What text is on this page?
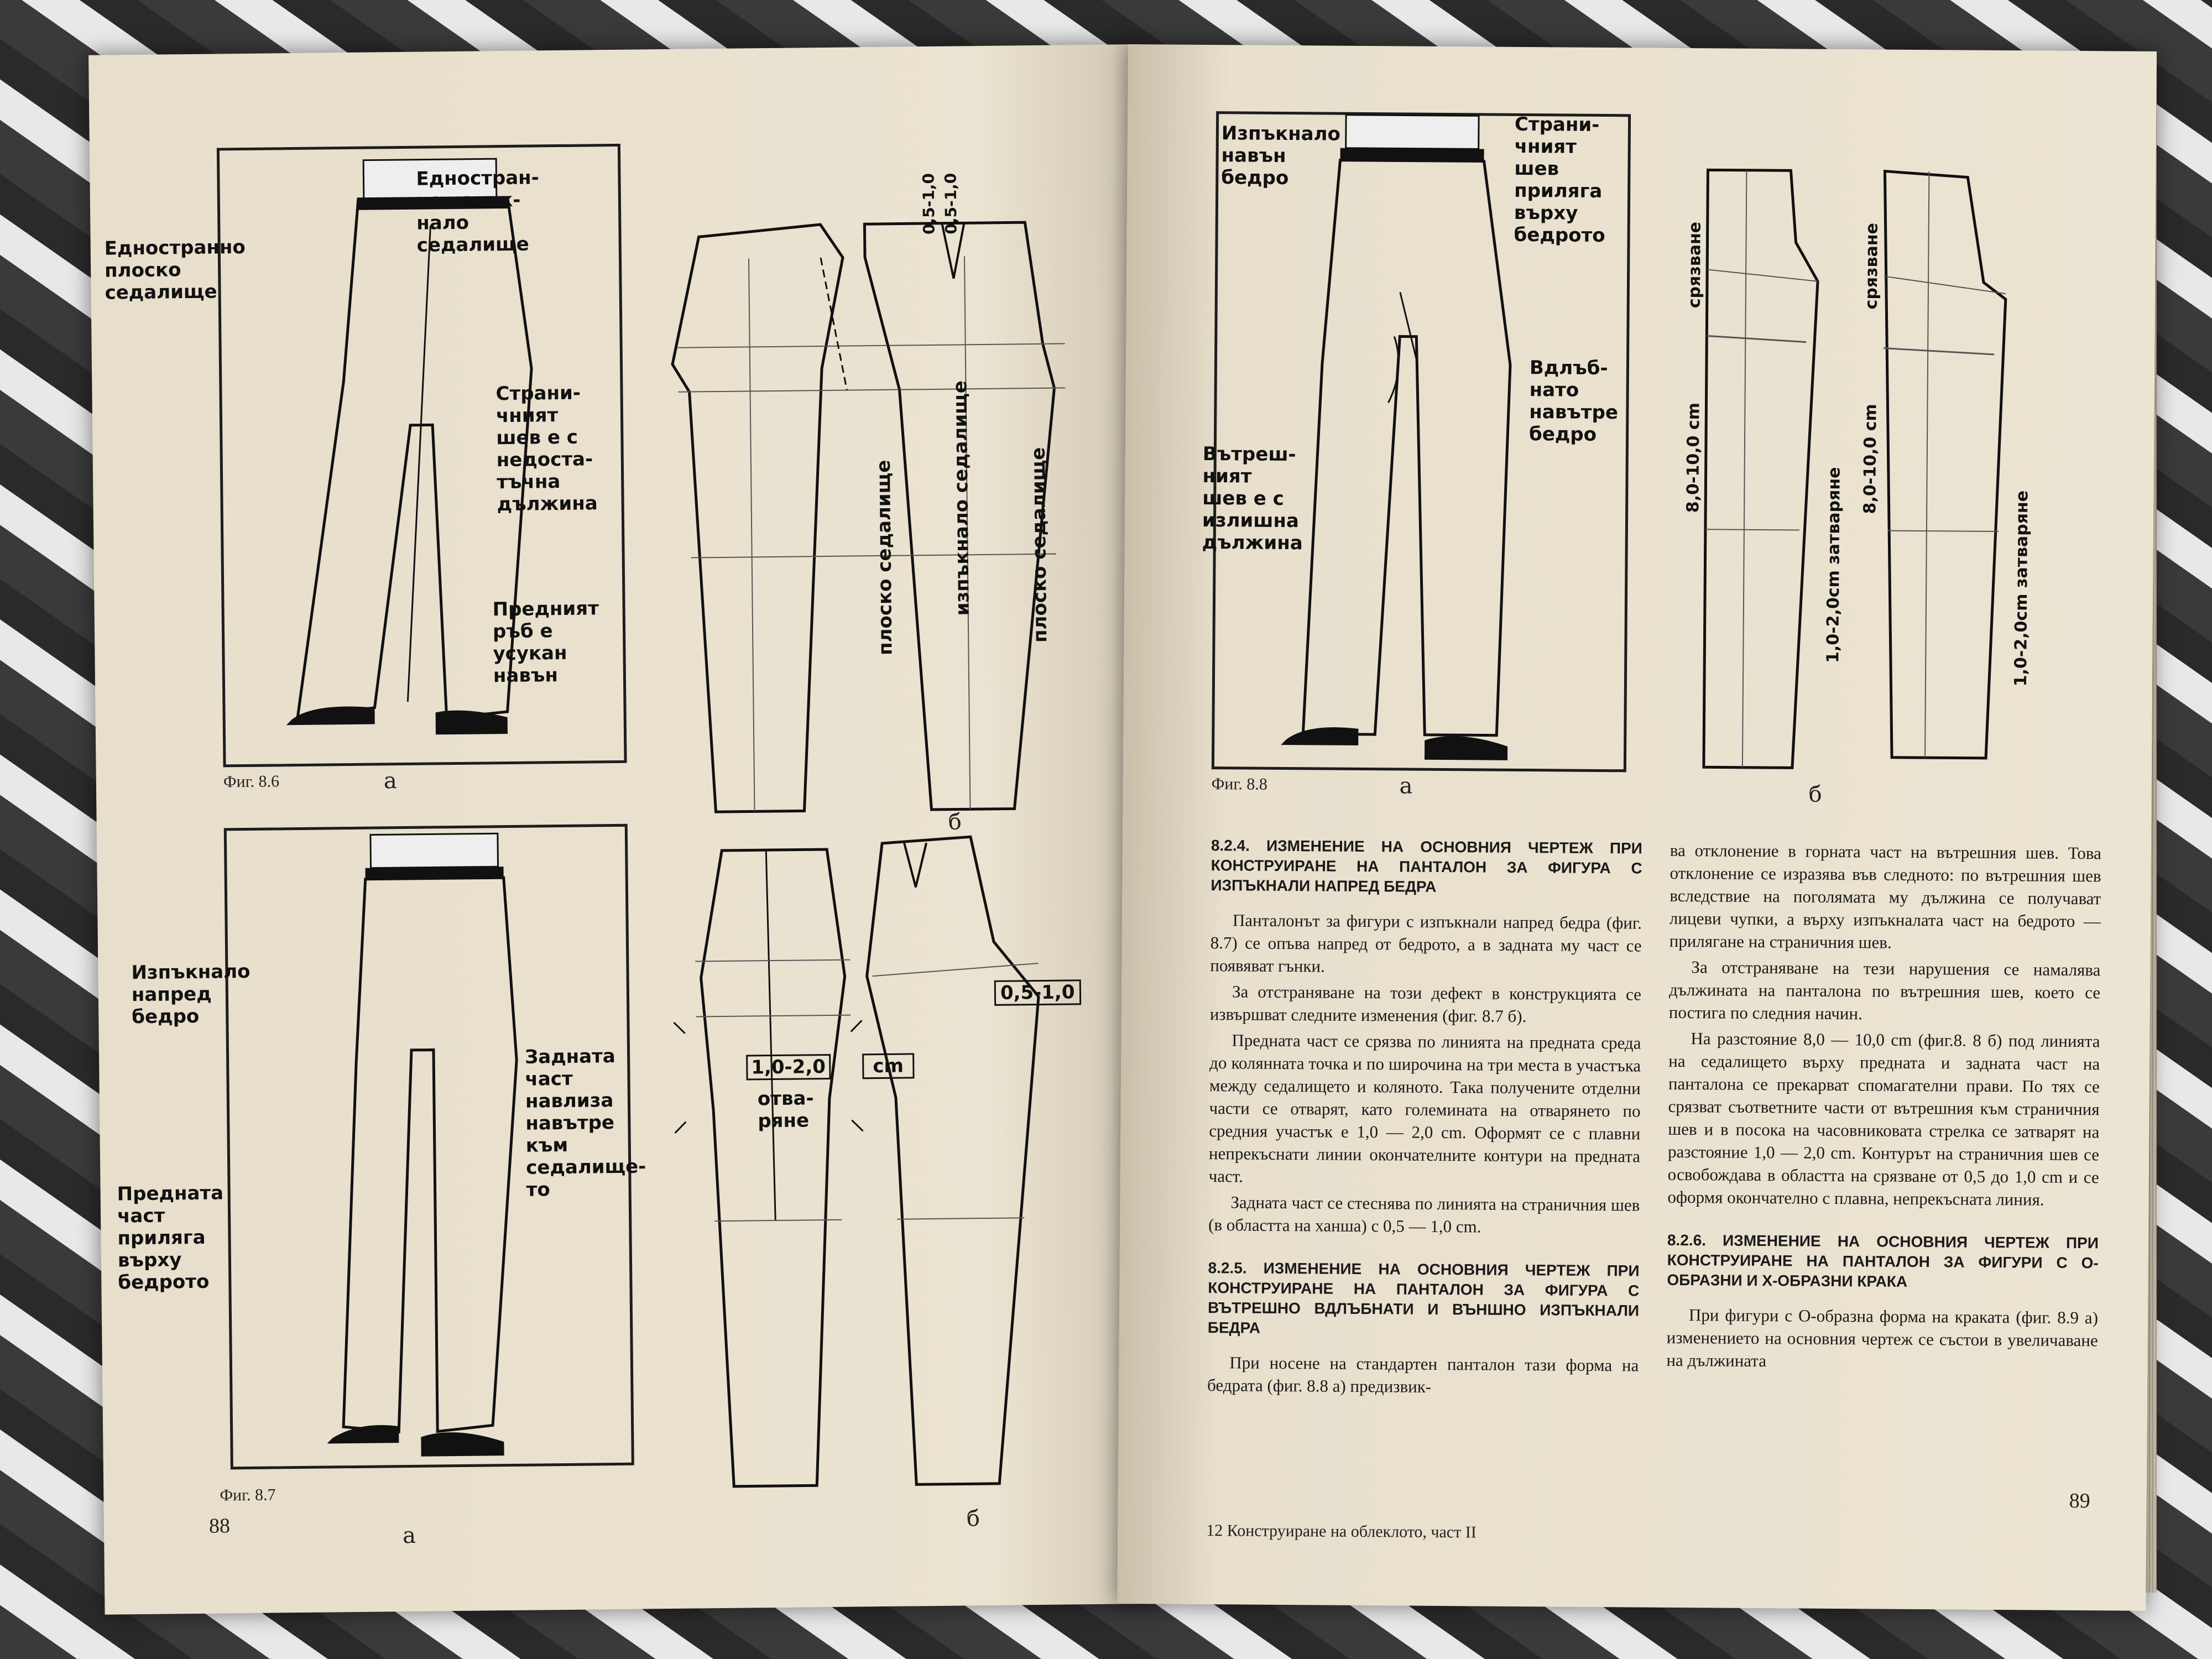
Едностран-
но изпък-
нало
седалище
Едностранно
плоско
седалище
Страни-
чният
шев е с
недоста-
тъчна
дължина
Предният
ръб е
усукан
навън
Фиг. 8.6	а
0,5-1,0 0,5-1,0
плоско седалище	изпъкнало седалище	плоско седалище
б
Изпъкнало
напред
бедро
Задната
част
навлиза
навътре
към
седалище-
то
Предната
част
приляга
върху
бедрото
Фиг. 8.7
а
88
1,0-2,0	cm
отва-
ряне
0,5-1,0
б
Изпъкнало
навън
бедро
Страни-
чният
шев
приляга
върху
бедрото
Вътреш-
ният
шев е с
излишна
дължина
Вдлъб-
нато
навътре
бедро
Фиг. 8.8	а
срязване	срязване
8,0-10,0 cm	8,0-10,0 cm
1,0-2,0cm затваряне	1,0-2,0cm затваряне
б
8.2.4. ИЗМЕНЕНИЕ НА ОСНОВНИЯ ЧЕРТЕЖ ПРИ КОНСТРУИРАНЕ НА ПАНТАЛОН ЗА ФИГУРА С ИЗПЪКНАЛИ НАПРЕД БЕДРА

Панталонът за фигури с изпъкнали напред бедра (фиг. 8.7) се опъва напред от бедрото, а в задната му част се появяват гънки.

За отстраняване на този дефект в конструкцията се извършват следните изменения (фиг. 8.7 б).

Предната част се срязва по линията на предната среда до колянната точка и по широчина на три места в участъка между седалището и коляното. Така получените отделни части се отварят, като големината на отварянето по средния участък е 1,0 — 2,0 cm. Оформят се с плавни непрекъснати линии окончателните контури на предната част.

Задната част се стеснява по линията на страничния шев (в областта на ханша) с 0,5 — 1,0 cm.

8.2.5. ИЗМЕНЕНИЕ НА ОСНОВНИЯ ЧЕРТЕЖ ПРИ КОНСТРУИРАНЕ НА ПАНТАЛОН ЗА ФИГУРА С ВЪТРЕШНО ВДЛЪБНАТИ И ВЪНШНО ИЗПЪКНАЛИ БЕДРА

При носене на стандартен панталон тази форма на бедрата (фиг. 8.8 а) предизвик-

ва отклонение в горната част на вътрешния шев. Това отклонение се изразява във следното: по вътрешния шев вследствие на поголямата му дължина се получават лицеви чупки, а върху изпъкналата част на бедрото — прилягане на страничния шев.

За отстраняване на тези нарушения се намалява дължината на панталона по вътрешния шев, което се постига по следния начин.

На разстояние 8,0 — 10,0 cm (фиг.8. 8 б) под линията на седалището върху предната и задната част на панталона се прекарват спомагателни прави. По тях се срязват съответните части от вътрешния към страничния шев и в посока на часовниковата стрелка се затварят на разстояние 1,0 — 2,0 cm. Контурът на страничния шев се освобождава в областта на срязване от 0,5 до 1,0 cm и се оформя окончателно с плавна, непрекъсната линия.

8.2.6. ИЗМЕНЕНИЕ НА ОСНОВНИЯ ЧЕРТЕЖ ПРИ КОНСТРУИРАНЕ НА ПАНТАЛОН ЗА ФИГУРИ С О-ОБРАЗНИ И Х-ОБРАЗНИ КРАКА

При фигури с О-образна форма на краката (фиг. 8.9 а) изменението на основния чертеж се състои в увеличаване на дължината

12 Конструиране на облеклото, част II
89
